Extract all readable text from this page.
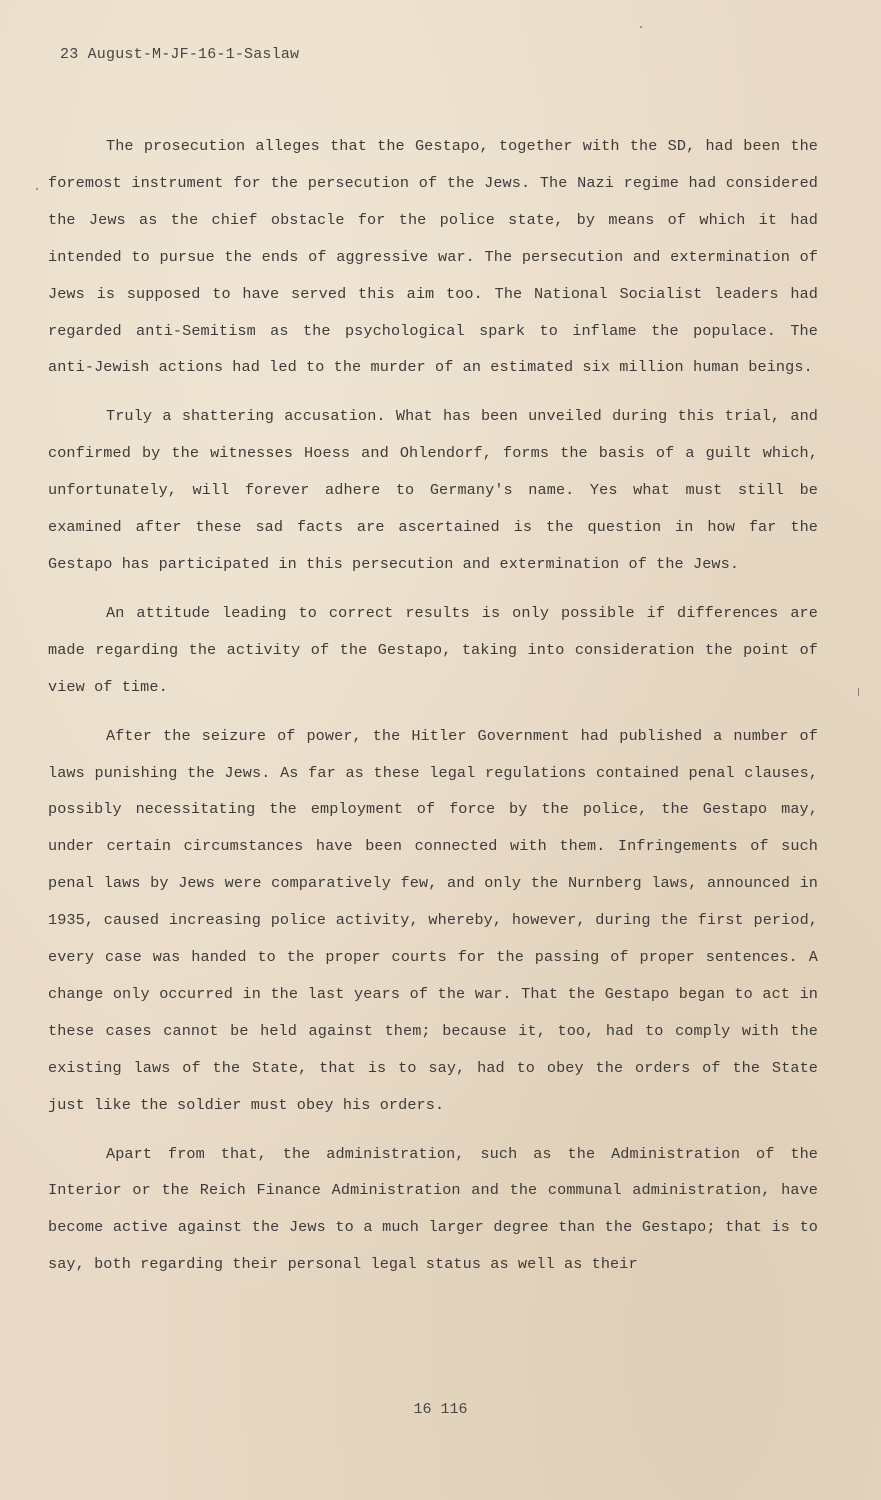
23 August-M-JF-16-1-Saslaw

The prosecution alleges that the Gestapo, together with the SD, had been the foremost instrument for the persecution of the Jews. The Nazi regime had considered the Jews as the chief obstacle for the police state, by means of which it had intended to pursue the ends of aggressive war. The persecution and extermination of Jews is supposed to have served this aim too. The National Socialist leaders had regarded anti-Semitism as the psychological spark to inflame the populace. The anti-Jewish actions had led to the murder of an estimated six million human beings.

Truly a shattering accusation. What has been unveiled during this trial, and confirmed by the witnesses Hoess and Ohlendorf, forms the basis of a guilt which, unfortunately, will forever adhere to Germany's name. Yes what must still be examined after these sad facts are ascertained is the question in how far the Gestapo has participated in this persecution and extermination of the Jews.

An attitude leading to correct results is only possible if differences are made regarding the activity of the Gestapo, taking into consideration the point of view of time.

After the seizure of power, the Hitler Government had published a number of laws punishing the Jews. As far as these legal regulations contained penal clauses, possibly necessitating the employment of force by the police, the Gestapo may, under certain circumstances have been connected with them. Infringements of such penal laws by Jews were comparatively few, and only the Nurnberg laws, announced in 1935, caused increasing police activity, whereby, however, during the first period, every case was handed to the proper courts for the passing of proper sentences. A change only occurred in the last years of the war. That the Gestapo began to act in these cases cannot be held against them; because it, too, had to comply with the existing laws of the State, that is to say, had to obey the orders of the State just like the soldier must obey his orders.

Apart from that, the administration, such as the Administration of the Interior or the Reich Finance Administration and the communal administration, have become active against the Jews to a much larger degree than the Gestapo; that is to say, both regarding their personal legal status as well as their

16 116
